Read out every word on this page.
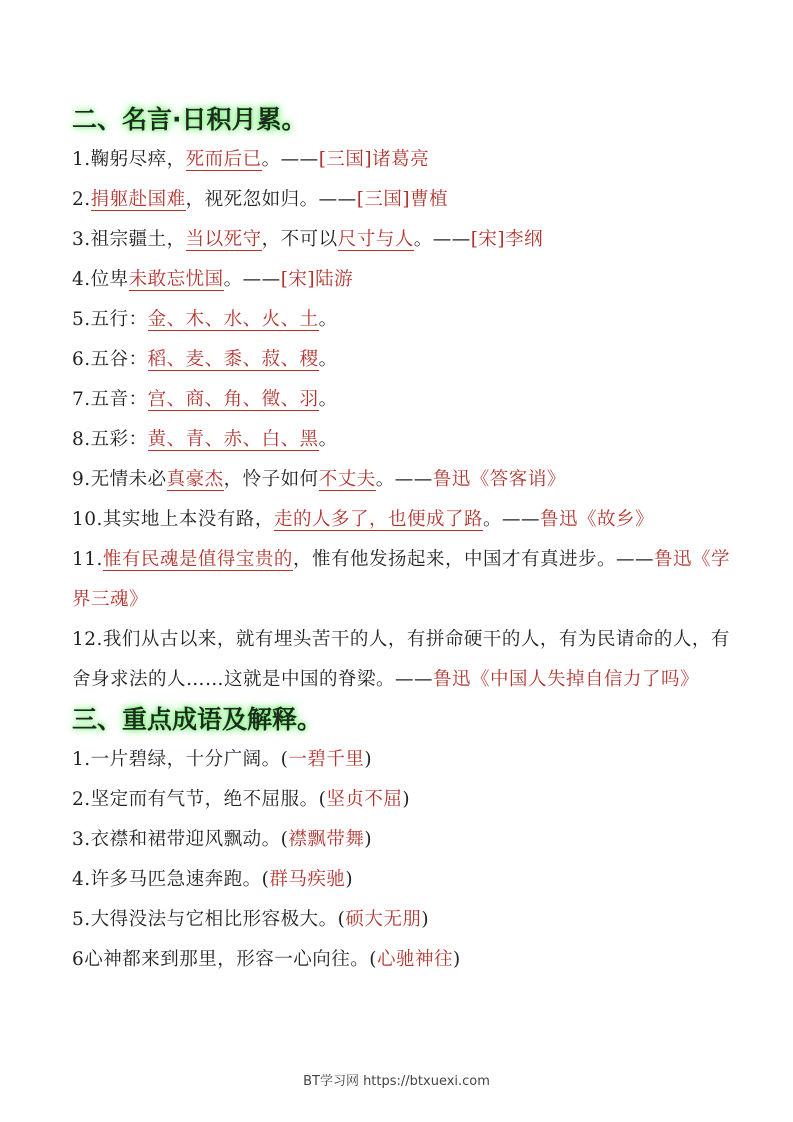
二、名言·日积月累。
1.鞠躬尽瘁，死而后已。——[三国]诸葛亮
2.捐躯赴国难，视死忽如归。——[三国]曹植
3.祖宗疆土，当以死守，不可以尺寸与人。——[宋]李纲
4.位卑未敢忘忧国。——[宋]陆游
5.五行：金、木、水、火、土。
6.五谷：稻、麦、黍、菽、稷。
7.五音：宫、商、角、徵、羽。
8.五彩：黄、青、赤、白、黑。
9.无情未必真豪杰，怜子如何不丈夫。——鲁迅《答客诮》
10.其实地上本没有路，走的人多了，也便成了路。——鲁迅《故乡》
11.惟有民魂是值得宝贵的，惟有他发扬起来，中国才有真进步。——鲁迅《学界三魂》
12.我们从古以来，就有埋头苦干的人，有拼命硬干的人，有为民请命的人，有舍身求法的人……这就是中国的脊梁。——鲁迅《中国人失掉自信力了吗》
三、重点成语及解释。
1.一片碧绿，十分广阔。(一碧千里)
2.坚定而有气节，绝不屈服。(坚贞不屈)
3.衣襟和裙带迎风飘动。(襟飘带舞)
4.许多马匹急速奔跑。(群马疾驰)
5.大得没法与它相比形容极大。(硕大无朋)
6心神都来到那里，形容一心向往。(心驰神往)
BT学习网 https://btxuexi.com
